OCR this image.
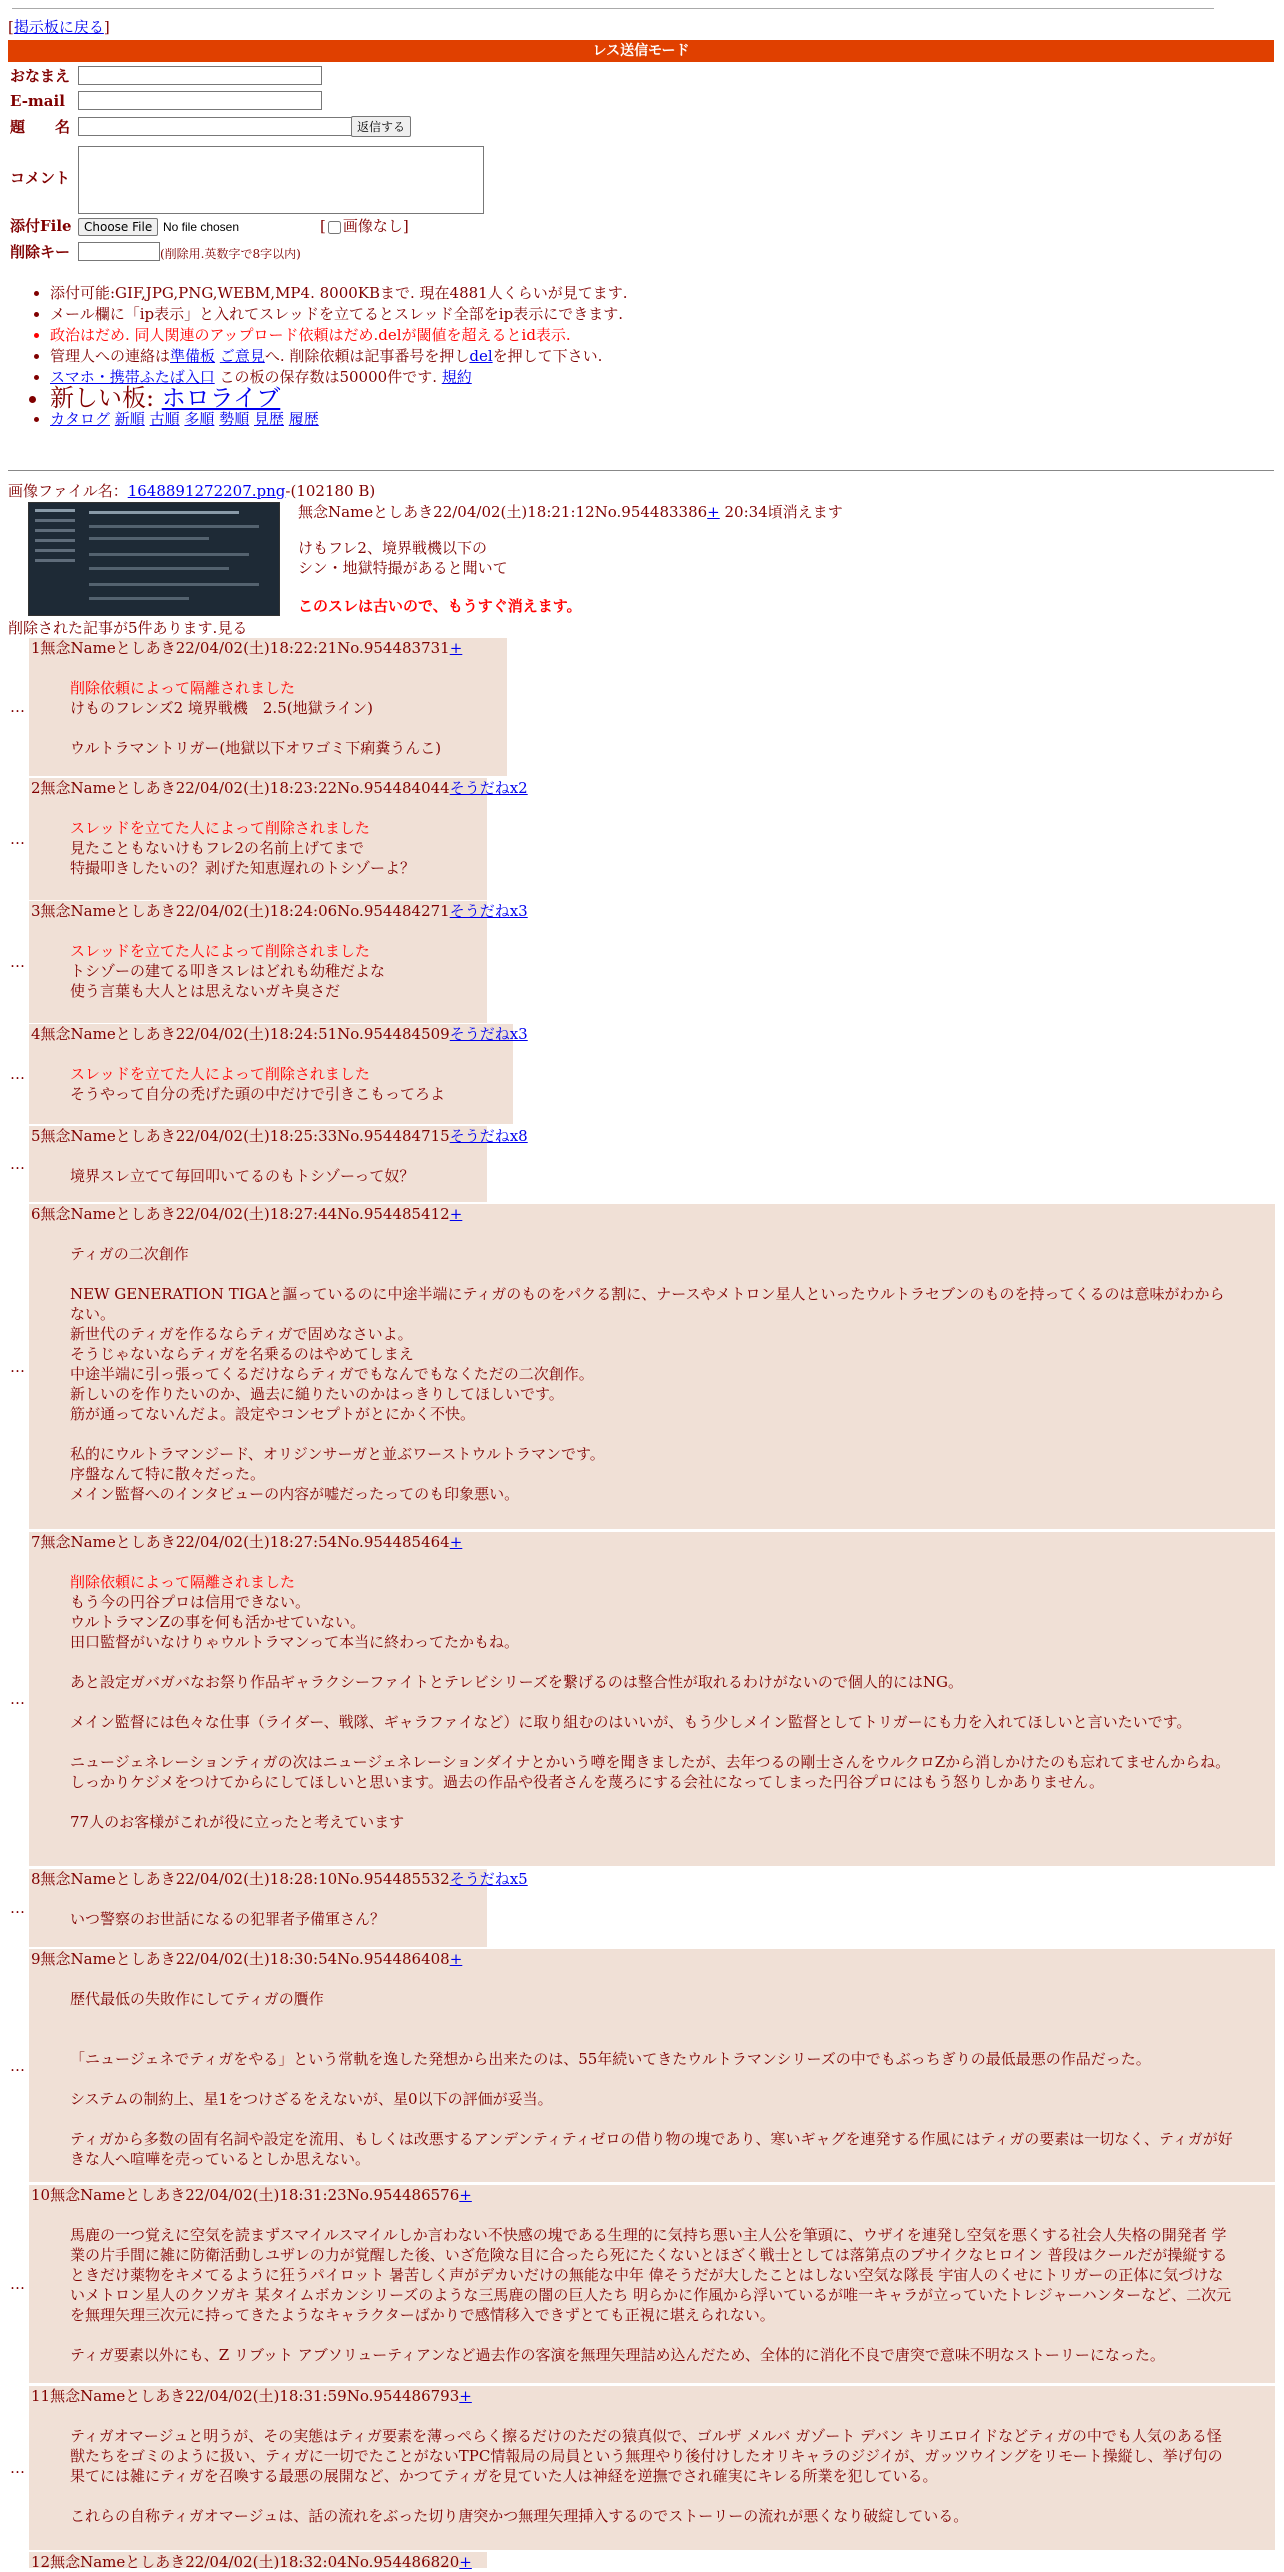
[掲示板に戻る]
レス送信モード
おなまえ
E-mail
題　　名	返信する
コメント
添付File	Choose File No file chosen	[ 画像なし]
削除キー	(削除用.英数字で8字以内)
• 添付可能:GIF,JPG,PNG,WEBM,MP4. 8000KBまで. 現在4881人くらいが見てます.
• メール欄に「ip表示」と入れてスレッドを立てるとスレッド全部をip表示にできます.
• 政治はだめ. 同人関連のアップロード依頼はだめ.delが閾値を超えるとid表示.
• 管理人への連絡は準備板 ご意見へ. 削除依頼は記事番号を押しdelを押して下さい.
• スマホ・携帯ふたば入口 この板の保存数は50000件です. 規約
• 新しい板: ホロライブ
• カタログ 新順 古順 多順 勢順 見歴 履歴
画像ファイル名：1648891272207.png-(102180 B)
無念Nameとしあき22/04/02(土)18:21:12No.954483386+ 20:34頃消えます
けもフレ2、境界戦機以下の
シン・地獄特撮があると聞いて
このスレは古いので、もうすぐ消えます。
削除された記事が5件あります.見る
1無念Nameとしあき22/04/02(土)18:22:21No.954483731+

削除依頼によって隔離されました

けものフレンズ2 境界戦機　2.5(地獄ライン)

ウルトラマントリガー(地獄以下オワゴミ下痢糞うんこ)

…
2無念Nameとしあき22/04/02(土)18:23:22No.954484044そうだねx2

スレッドを立てた人によって削除されました

見たこともないけもフレ2の名前上げてまで

特撮叩きしたいの？剥げた知恵遅れのトシゾーよ？

…
3無念Nameとしあき22/04/02(土)18:24:06No.954484271そうだねx3

スレッドを立てた人によって削除されました

トシゾーの建てる叩きスレはどれも幼稚だよな

使う言葉も大人とは思えないガキ臭さだ

…
4無念Nameとしあき22/04/02(土)18:24:51No.954484509そうだねx3

スレッドを立てた人によって削除されました

そうやって自分の禿げた頭の中だけで引きこもってろよ

…
5無念Nameとしあき22/04/02(土)18:25:33No.954484715そうだねx8

境界スレ立てて毎回叩いてるのもトシゾーって奴？

…
6無念Nameとしあき22/04/02(土)18:27:44No.954485412+

ティガの二次創作

NEW GENERATION TIGAと謳っているのに中途半端にティガのものをパクる割に、ナースやメトロン星人といったウルトラセブンのものを持ってくるのは意味がわからない。

新世代のティガを作るならティガで固めなさいよ。

そうじゃないならティガを名乗るのはやめてしまえ

中途半端に引っ張ってくるだけならティガでもなんでもなくただの二次創作。

新しいのを作りたいのか、過去に縋りたいのかはっきりしてほしいです。

筋が通ってないんだよ。設定やコンセプトがとにかく不快。

私的にウルトラマンジード、オリジンサーガと並ぶワーストウルトラマンです。

序盤なんて特に散々だった。

メイン監督へのインタビューの内容が嘘だったってのも印象悪い。

…
7無念Nameとしあき22/04/02(土)18:27:54No.954485464+

削除依頼によって隔離されました

もう今の円谷プロは信用できない。

ウルトラマンZの事を何も活かせていない。

田口監督がいなけりゃウルトラマンって本当に終わってたかもね。

あと設定ガバガバなお祭り作品ギャラクシーファイトとテレビシリーズを繋げるのは整合性が取れるわけがないので個人的にはNG。

メイン監督には色々な仕事（ライダー、戦隊、ギャラファイなど）に取り組むのはいいが、もう少しメイン監督としてトリガーにも力を入れてほしいと言いたいです。

ニュージェネレーションティガの次はニュージェネレーションダイナとかいう噂を聞きましたが、去年つるの剛士さんをウルクロZから消しかけたのも忘れてませんからね。しっかりケジメをつけてからにしてほしいと思います。過去の作品や役者さんを蔑ろにする会社になってしまった円谷プロにはもう怒りしかありません。

77人のお客様がこれが役に立ったと考えています

…
8無念Nameとしあき22/04/02(土)18:28:10No.954485532そうだねx5

いつ警察のお世話になるの犯罪者予備軍さん？

…
9無念Nameとしあき22/04/02(土)18:30:54No.954486408+

歴代最低の失敗作にしてティガの贋作

「ニュージェネでティガをやる」という常軌を逸した発想から出来たのは、55年続いてきたウルトラマンシリーズの中でもぶっちぎりの最低最悪の作品だった。

システムの制約上、星1をつけざるをえないが、星0以下の評価が妥当。

ティガから多数の固有名詞や設定を流用、もしくは改悪するアンデンティティゼロの借り物の塊であり、寒いギャグを連発する作風にはティガの要素は一切なく、ティガが好きな人へ喧嘩を売っているとしか思えない。

…
10無念Nameとしあき22/04/02(土)18:31:23No.954486576+

馬鹿の一つ覚えに空気を読まずスマイルスマイルしか言わない不快感の塊である生理的に気持ち悪い主人公を筆頭に、ウザイを連発し空気を悪くする社会人失格の開発者 学業の片手間に雑に防衛活動しユザレの力が覚醒した後、いざ危険な目に合ったら死にたくないとほざく戦士としては落第点のブサイクなヒロイン 普段はクールだが操縦するときだけ薬物をキメてるように狂うパイロット 暑苦しく声がデカいだけの無能な中年 偉そうだが大したことはしない空気な隊長 宇宙人のくせにトリガーの正体に気づけないメトロン星人のクソガキ 某タイムボカンシリーズのような三馬鹿の闇の巨人たち 明らかに作風から浮いているが唯一キャラが立っていたトレジャーハンターなど、二次元を無理矢理三次元に持ってきたようなキャラクターばかりで感情移入できずとても正視に堪えられない。

ティガ要素以外にも、Z リブット アブソリューティアンなど過去作の客演を無理矢理詰め込んだため、全体的に消化不良で唐突で意味不明なストーリーになった。

…
11無念Nameとしあき22/04/02(土)18:31:59No.954486793+

ティガオマージュと明うが、その実態はティガ要素を薄っぺらく擦るだけのただの猿真似で、ゴルザ メルバ ガゾート デバン キリエロイドなどティガの中でも人気のある怪獣たちをゴミのように扱い、ティガに一切でたことがないTPC情報局の局員という無理やり後付けしたオリキャラのジジイが、ガッツウイングをリモート操縦し、挙げ句の果てには雑にティガを召喚する最悪の展開など、かつてティガを見ていた人は神経を逆撫でされ確実にキレる所業を犯している。

これらの自称ティガオマージュは、話の流れをぶった切り唐突かつ無理矢理挿入するのでストーリーの流れが悪くなり破綻している。

…
12無念Nameとしあき22/04/02(土)18:32:04No.954486820+
